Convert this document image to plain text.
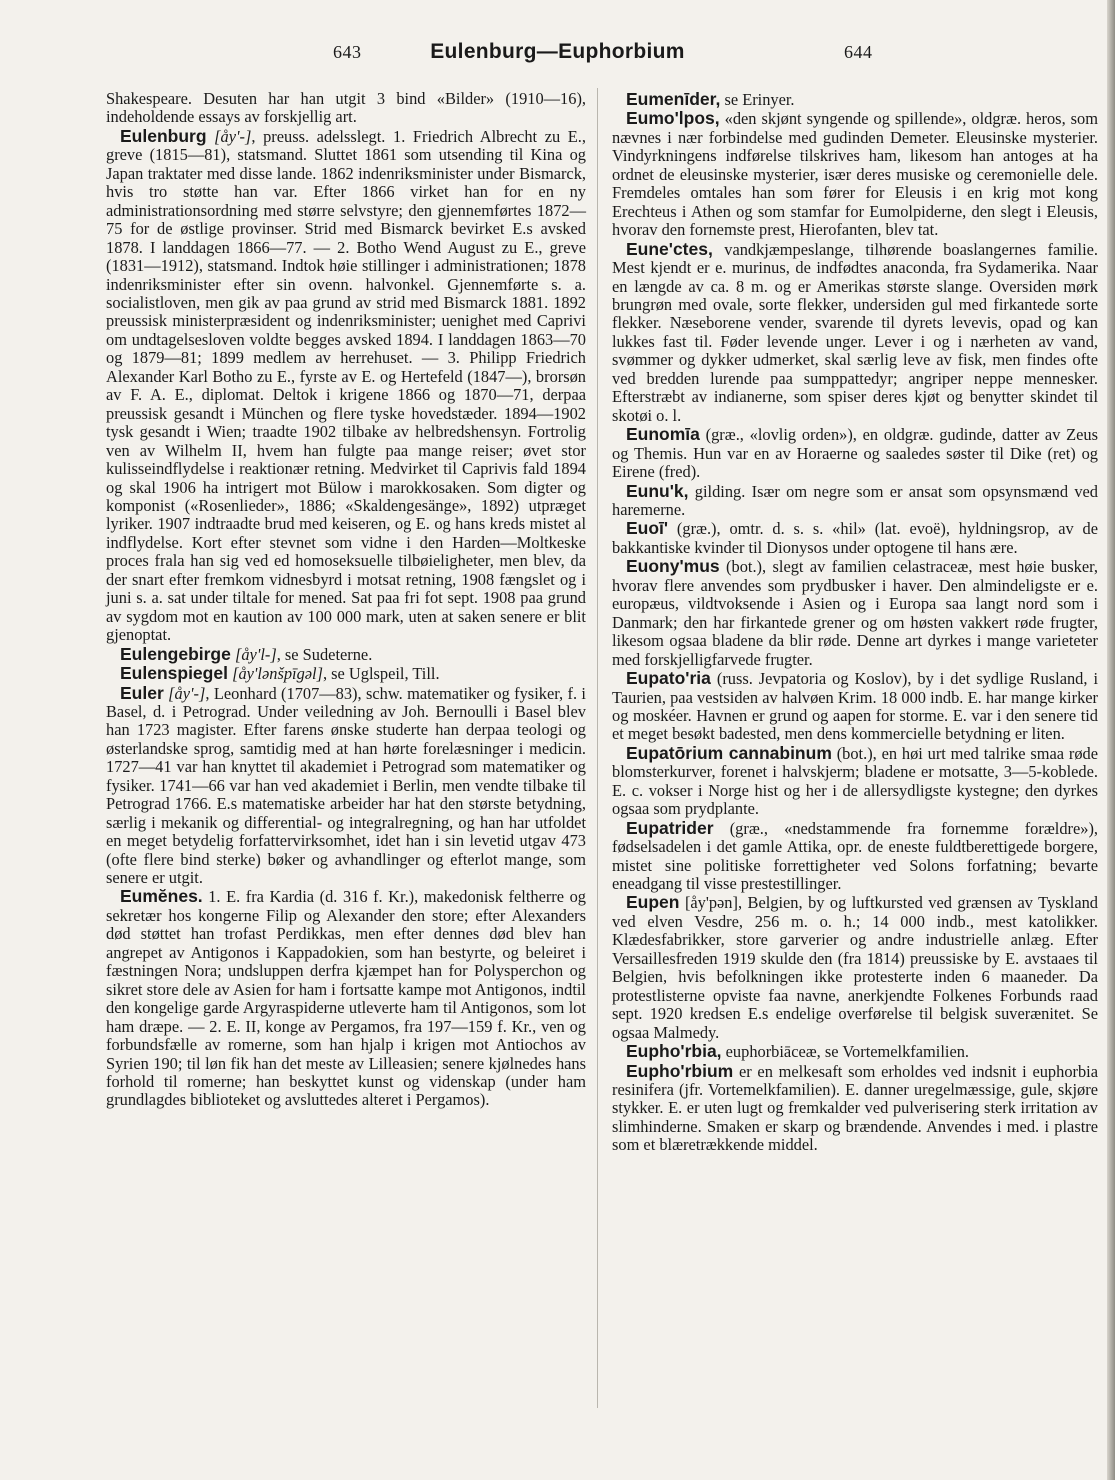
643	Eulenburg—Euphorbium	644

Shakespeare. Desuten har han utgit 3 bind «Bilder» (1910—16), indeholdende essays av forskjellig art.

Eulenburg [åy'-], preuss. adelsslegt. 1. Friedrich Albrecht zu E., greve (1815—81), statsmand. Sluttet 1861 som utsending til Kina og Japan traktater med disse lande. 1862 indenriksminister under Bismarck, hvis tro støtte han var. Efter 1866 virket han for en ny administrationsordning med større selvstyre; den gjennemførtes 1872—75 for de østlige provinser. Strid med Bismarck bevirket E.s avsked 1878. I landdagen 1866—77. — 2. Botho Wend August zu E., greve (1831—1912), statsmand. Indtok høie stillinger i administrationen; 1878 indenriksminister efter sin ovenn. halvonkel. Gjennemførte s. a. socialistloven, men gik av paa grund av strid med Bismarck 1881. 1892 preussisk ministerpræsident og indenriksminister; uenighet med Caprivi om undtagelsesloven voldte begges avsked 1894. I landdagen 1863—70 og 1879—81; 1899 medlem av herrehuset. — 3. Philipp Friedrich Alexander Karl Botho zu E., fyrste av E. og Hertefeld (1847—), brorsøn av F. A. E., diplomat. Deltok i krigene 1866 og 1870—71, derpaa preussisk gesandt i München og flere tyske hovedstæder. 1894—1902 tysk gesandt i Wien; traadte 1902 tilbake av helbredshensyn. Fortrolig ven av Wilhelm II, hvem han fulgte paa mange reiser; øvet stor kulisseindflydelse i reaktionær retning. Medvirket til Caprivis fald 1894 og skal 1906 ha intrigert mot Bülow i marokkosaken. Som digter og komponist («Rosenlieder», 1886; «Skaldengesänge», 1892) utpræget lyriker. 1907 indtraadte brud med keiseren, og E. og hans kreds mistet al indflydelse. Kort efter stevnet som vidne i den Harden—Moltkeske proces frala han sig ved ed homoseksuelle tilbøieligheter, men blev, da der snart efter fremkom vidnesbyrd i motsat retning, 1908 fængslet og i juni s. a. sat under tiltale for mened. Sat paa fri fot sept. 1908 paa grund av sygdom mot en kaution av 100 000 mark, uten at saken senere er blit gjenoptat.

Eulengebirge [åy'l-], se Sudeterne.

Eulenspiegel [åy'lənšpīgəl], se Uglspeil, Till.

Euler [åy'-], Leonhard (1707—83), schw. matematiker og fysiker, f. i Basel, d. i Petrograd. Under veiledning av Joh. Bernoulli i Basel blev han 1723 magister. Efter farens ønske studerte han derpaa teologi og østerlandske sprog, samtidig med at han hørte forelæsninger i medicin. 1727—41 var han knyttet til akademiet i Petrograd som matematiker og fysiker. 1741—66 var han ved akademiet i Berlin, men vendte tilbake til Petrograd 1766. E.s matematiske arbeider har hat den største betydning, særlig i mekanik og differential- og integralregning, og han har utfoldet en meget betydelig forfattervirksomhet, idet han i sin levetid utgav 473 (ofte flere bind sterke) bøker og avhandlinger og efterlot mange, som senere er utgit.

Eumĕnes. 1. E. fra Kardia (d. 316 f. Kr.), makedonisk feltherre og sekretær hos kongerne Filip og Alexander den store; efter Alexanders død støttet han trofast Perdikkas, men efter dennes død blev han angrepet av Antigonos i Kappadokien, som han bestyrte, og beleiret i fæstningen Nora; undsluppen derfra kjæmpet han for Polysperchon og sikret store dele av Asien for ham i fortsatte kampe mot Antigonos, indtil den kongelige garde Argyraspiderne utleverte ham til Antigonos, som lot ham dræpe. — 2. E. II, konge av Pergamos, fra 197—159 f. Kr., ven og forbundsfælle av romerne, som han hjalp i krigen mot Antiochos av Syrien 190; til løn fik han det meste av Lilleasien; senere kjølnedes hans forhold til romerne; han beskyttet kunst og videnskap (under ham grundlagdes biblioteket og avsluttedes alteret i Pergamos).

Eumenīder, se Erinyer.

Eumo'lpos, «den skjønt syngende og spillende», oldgræ. heros, som nævnes i nær forbindelse med gudinden Demeter. Eleusinske mysterier. Vindyrkningens indførelse tilskrives ham, likesom han antoges at ha ordnet de eleusinske mysterier, især deres musiske og ceremonielle dele. Fremdeles omtales han som fører for Eleusis i en krig mot kong Erechteus i Athen og som stamfar for Eumolpiderne, den slegt i Eleusis, hvorav den fornemste prest, Hierofanten, blev tat.

Eune'ctes, vandkjæmpeslange, tilhørende boaslangernes familie. Mest kjendt er e. murinus, de indfødtes anaconda, fra Sydamerika. Naar en længde av ca. 8 m. og er Amerikas største slange. Oversiden mørk brungrøn med ovale, sorte flekker, undersiden gul med firkantede sorte flekker. Næseborene vender, svarende til dyrets levevis, opad og kan lukkes fast til. Føder levende unger. Lever i og i nærheten av vand, svømmer og dykker udmerket, skal særlig leve av fisk, men findes ofte ved bredden lurende paa sumppattedyr; angriper neppe mennesker. Efterstræbt av indianerne, som spiser deres kjøt og benytter skindet til skotøi o. l.

Eunomīa (græ., «lovlig orden»), en oldgræ. gudinde, datter av Zeus og Themis. Hun var en av Horaerne og saaledes søster til Dike (ret) og Eirene (fred).

Eunu'k, gilding. Især om negre som er ansat som opsynsmænd ved haremerne.

Euoī' (græ.), omtr. d. s. s. «hil» (lat. evoë), hyldningsrop, av de bakkantiske kvinder til Dionysos under optogene til hans ære.

Euony'mus (bot.), slegt av familien celastraceæ, mest høie busker, hvorav flere anvendes som prydbusker i haver. Den almindeligste er e. europæus, vildtvoksende i Asien og i Europa saa langt nord som i Danmark; den har firkantede grener og om høsten vakkert røde frugter, likesom ogsaa bladene da blir røde. Denne art dyrkes i mange varieteter med forskjelligfarvede frugter.

Eupato'ria (russ. Jevpatoria og Koslov), by i det sydlige Rusland, i Taurien, paa vestsiden av halvøen Krim. 18 000 indb. E. har mange kirker og moskéer. Havnen er grund og aapen for storme. E. var i den senere tid et meget besøkt badested, men dens kommercielle betydning er liten.

Eupatōrium cannabinum (bot.), en høi urt med talrike smaa røde blomsterkurver, forenet i halvskjerm; bladene er motsatte, 3—5-koblede. E. c. vokser i Norge hist og her i de allersydligste kystegne; den dyrkes ogsaa som prydplante.

Eupatrider (græ., «nedstammende fra fornemme forældre»), fødselsadelen i det gamle Attika, opr. de eneste fuldtberettigede borgere, mistet sine politiske forrettigheter ved Solons forfatning; bevarte eneadgang til visse prestestillinger.

Eupen [åy'pən], Belgien, by og luftkursted ved grænsen av Tyskland ved elven Vesdre, 256 m. o. h.; 14 000 indb., mest katolikker. Klædesfabrikker, store garverier og andre industrielle anlæg. Efter Versaillesfreden 1919 skulde den (fra 1814) preussiske by E. avstaaes til Belgien, hvis befolkningen ikke protesterte inden 6 maaneder. Da protestlisterne opviste faa navne, anerkjendte Folkenes Forbunds raad sept. 1920 kredsen E.s endelige overførelse til belgisk suverænitet. Se ogsaa Malmedy.

Eupho'rbia, euphorbiāceæ, se Vortemelkfamilien.

Eupho'rbium er en melkesaft som erholdes ved indsnit i euphorbia resinifera (jfr. Vortemelkfamilien). E. danner uregelmæssige, gule, skjøre stykker. E. er uten lugt og fremkalder ved pulverisering sterk irritation av slimhinderne. Smaken er skarp og brændende. Anvendes i med. i plastre som et blæretrækkende middel.
